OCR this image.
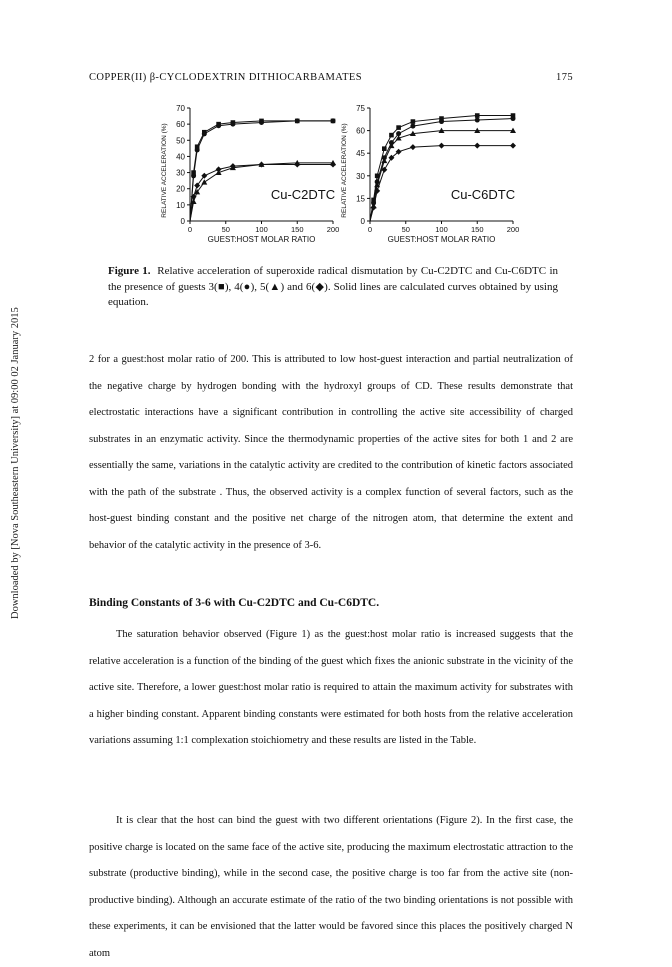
COPPER(II) β-CYCLODEXTRIN DITHIOCARBAMATES	175
Downloaded by [Nova Southeastern University] at 09:00 02 January 2015
0
10
20
30
40
50
60
70
0	50	100	150	200
GUEST:HOST MOLAR RATIO
RELATIVE ACCELERATION (%)	Cu-C2DTC
0
15
30
45
60
75
0	50	100	150	200
GUEST:HOST MOLAR RATIO
RELATIVE ACCELERATION (%)	Cu-C6DTC
Figure 1. Relative acceleration of superoxide radical dismutation by Cu-C2DTC and Cu-C6DTC in the presence of guests 3(■), 4(●), 5(▲) and 6(◆). Solid lines are calculated curves obtained by using equation.

2 for a guest:host molar ratio of 200. This is attributed to low host-guest interaction and partial neutralization of the negative charge by hydrogen bonding with the hydroxyl groups of CD. These results demonstrate that electrostatic interactions have a significant contribution in controlling the active site accessibility of charged substrates in an enzymatic activity. Since the thermodynamic properties of the active sites for both 1 and 2 are essentially the same, variations in the catalytic activity are credited to the contribution of kinetic factors associated with the path of the substrate . Thus, the observed activity is a complex function of several factors, such as the host-guest binding constant and the positive net charge of the nitrogen atom, that determine the extent and behavior of the catalytic activity in the presence of 3-6.

Binding Constants of 3-6 with Cu-C2DTC and Cu-C6DTC.

The saturation behavior observed (Figure 1) as the guest:host molar ratio is increased suggests that the relative acceleration is a function of the binding of the guest which fixes the anionic substrate in the vicinity of the active site. Therefore, a lower guest:host molar ratio is required to attain the maximum activity for substrates with a higher binding constant. Apparent binding constants were estimated for both hosts from the relative acceleration variations assuming 1:1 complexation stoichiometry and these results are listed in the Table.

It is clear that the host can bind the guest with two different orientations (Figure 2). In the first case, the positive charge is located on the same face of the active site, producing the maximum electrostatic attraction to the substrate (productive binding), while in the second case, the positive charge is too far from the active site (non-productive binding). Although an accurate estimate of the ratio of the two binding orientations is not possible with these experiments, it can be envisioned that the latter would be favored since this places the positively charged N atom
